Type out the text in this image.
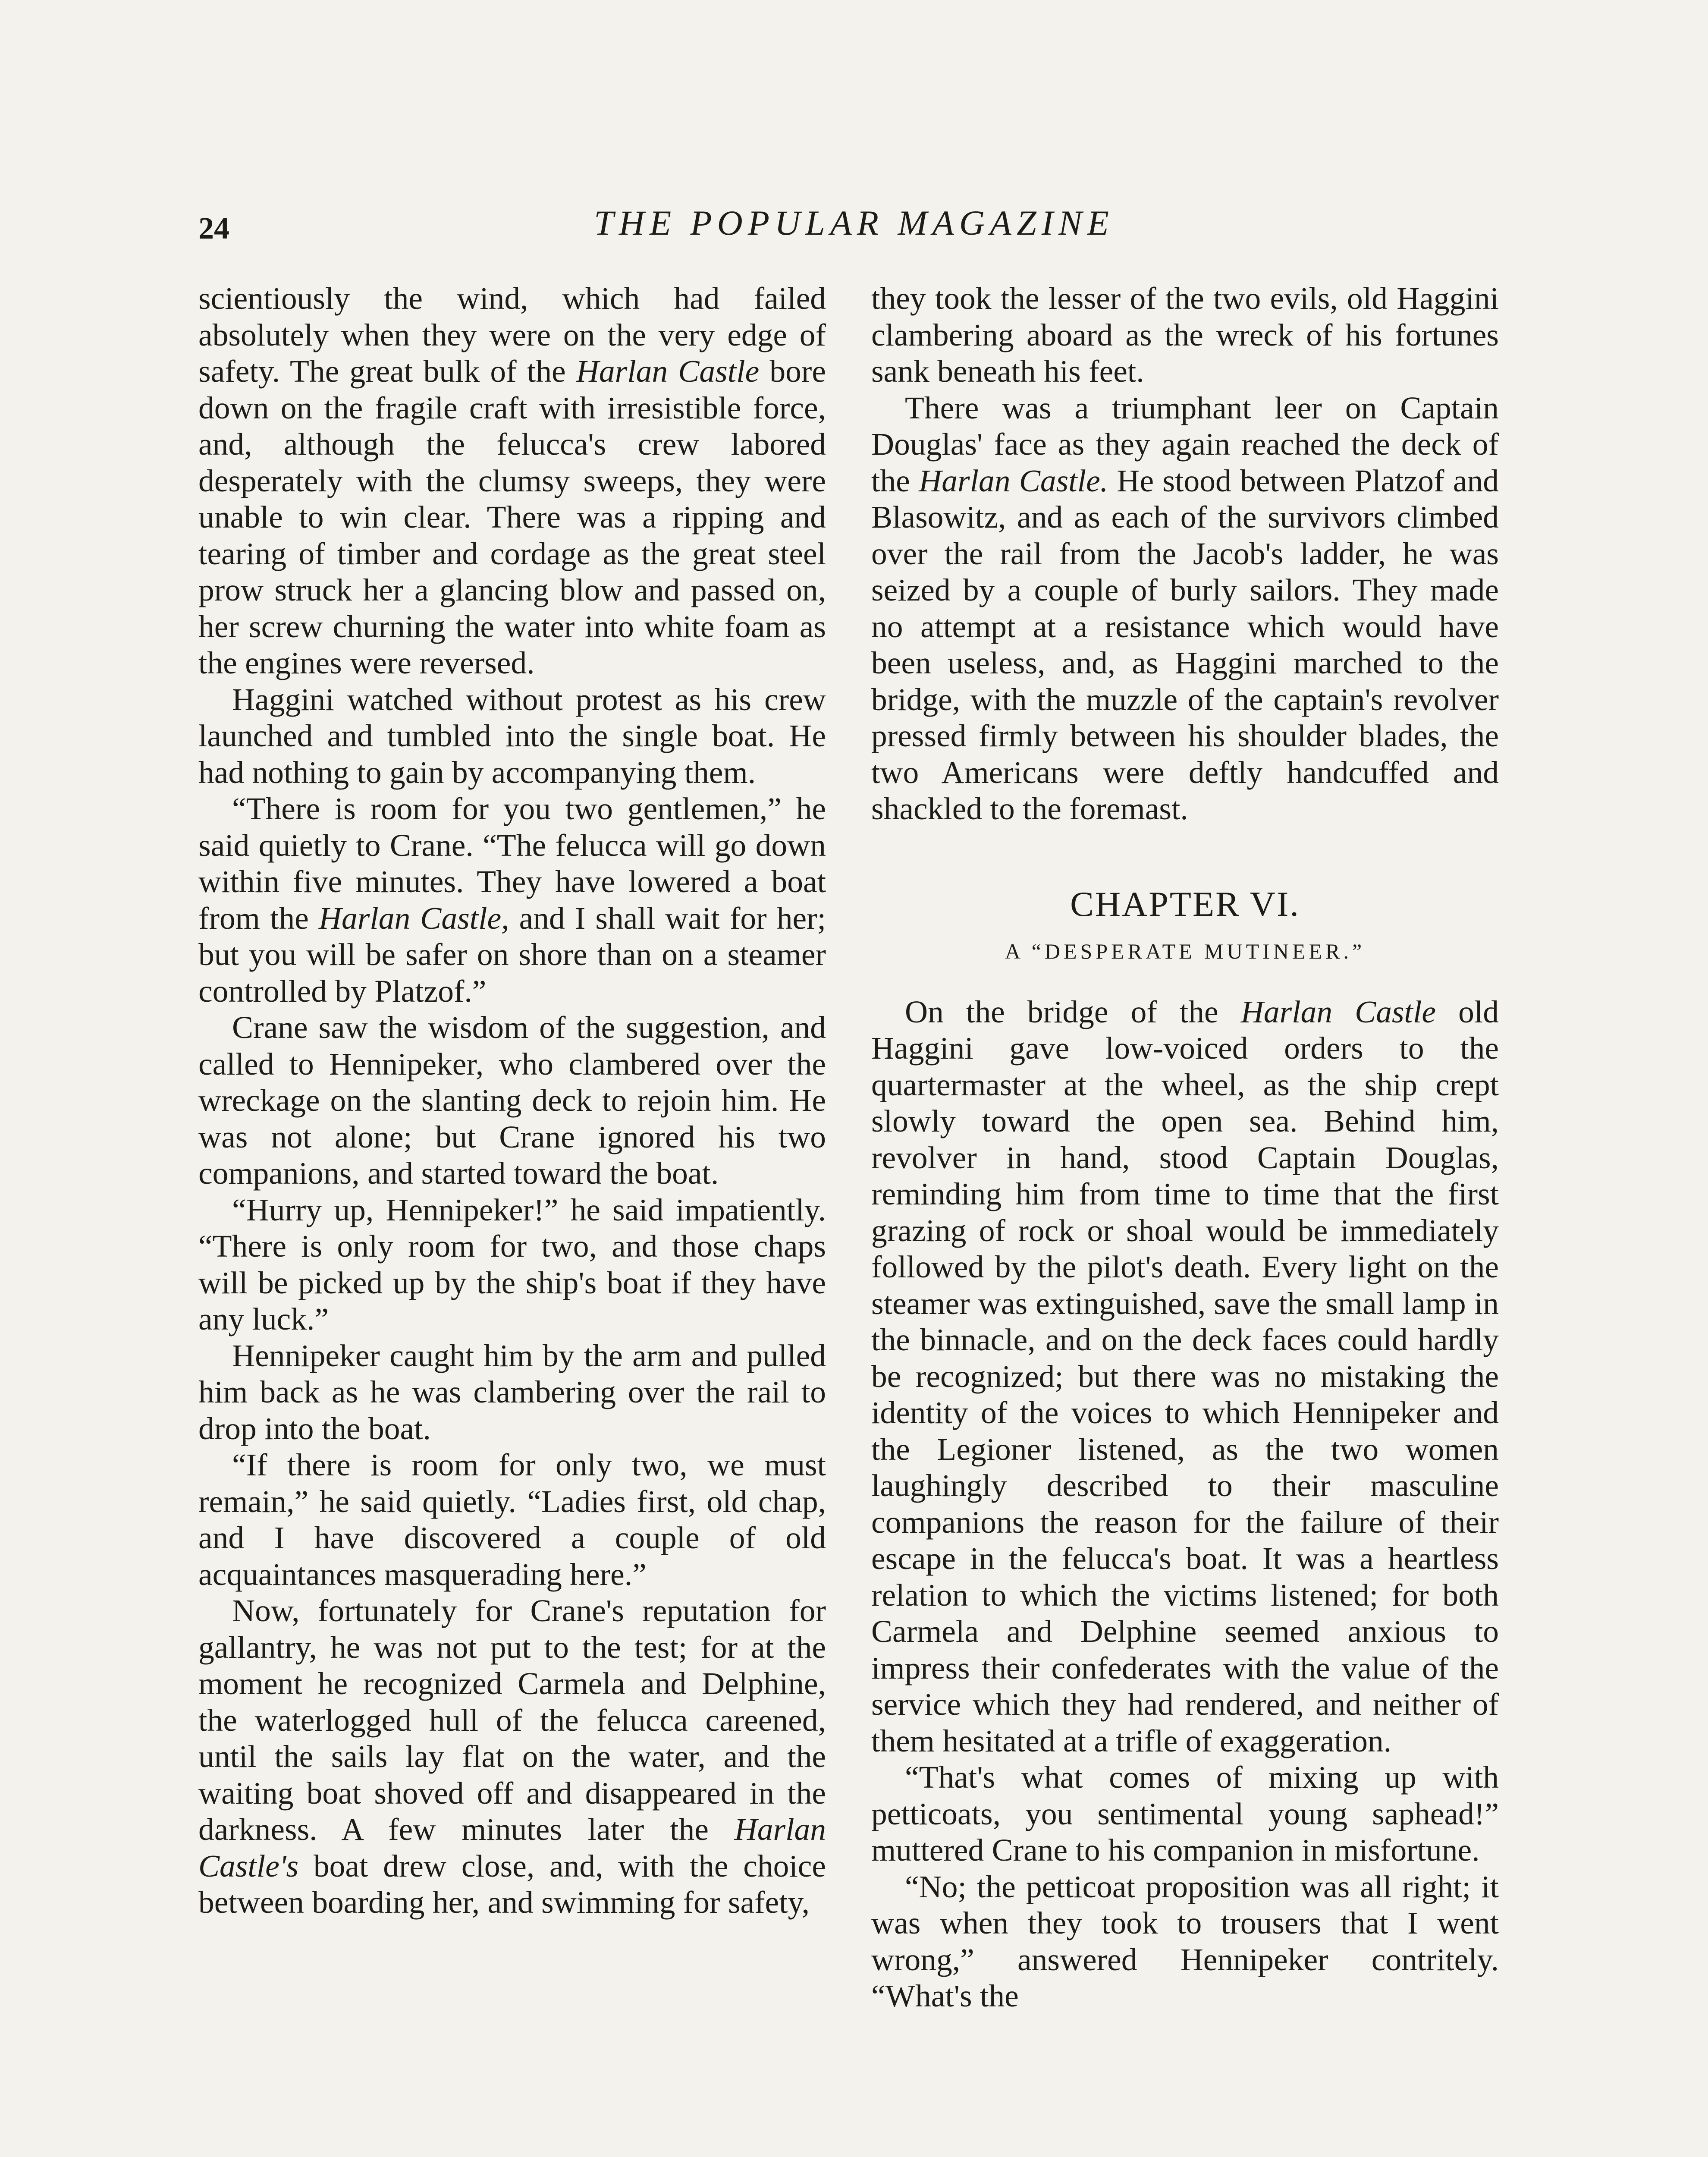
24	THE POPULAR MAGAZINE

scientiously the wind, which had failed absolutely when they were on the very edge of safety. The great bulk of the Harlan Castle bore down on the fragile craft with irresistible force, and, although the felucca's crew labored desperately with the clumsy sweeps, they were unable to win clear. There was a ripping and tearing of timber and cordage as the great steel prow struck her a glancing blow and passed on, her screw churning the water into white foam as the engines were reversed.

Haggini watched without protest as his crew launched and tumbled into the single boat. He had nothing to gain by accompanying them.

“There is room for you two gentlemen,” he said quietly to Crane. “The felucca will go down within five minutes. They have lowered a boat from the Harlan Castle, and I shall wait for her; but you will be safer on shore than on a steamer controlled by Platzof.”

Crane saw the wisdom of the suggestion, and called to Hennipeker, who clambered over the wreckage on the slanting deck to rejoin him. He was not alone; but Crane ignored his two companions, and started toward the boat.

“Hurry up, Hennipeker!” he said impatiently. “There is only room for two, and those chaps will be picked up by the ship's boat if they have any luck.”

Hennipeker caught him by the arm and pulled him back as he was clambering over the rail to drop into the boat.

“If there is room for only two, we must remain,” he said quietly. “Ladies first, old chap, and I have discovered a couple of old acquaintances masquerading here.”

Now, fortunately for Crane's reputation for gallantry, he was not put to the test; for at the moment he recognized Carmela and Delphine, the waterlogged hull of the felucca careened, until the sails lay flat on the water, and the waiting boat shoved off and disappeared in the darkness. A few minutes later the Harlan Castle's boat drew close, and, with the choice between boarding her, and swimming for safety,

they took the lesser of the two evils, old Haggini clambering aboard as the wreck of his fortunes sank beneath his feet.

There was a triumphant leer on Captain Douglas' face as they again reached the deck of the Harlan Castle. He stood between Platzof and Blasowitz, and as each of the survivors climbed over the rail from the Jacob's ladder, he was seized by a couple of burly sailors. They made no attempt at a resistance which would have been useless, and, as Haggini marched to the bridge, with the muzzle of the captain's revolver pressed firmly between his shoulder blades, the two Americans were deftly handcuffed and shackled to the foremast.

CHAPTER VI.
A “DESPERATE MUTINEER.”

On the bridge of the Harlan Castle old Haggini gave low-voiced orders to the quartermaster at the wheel, as the ship crept slowly toward the open sea. Behind him, revolver in hand, stood Captain Douglas, reminding him from time to time that the first grazing of rock or shoal would be immediately followed by the pilot's death. Every light on the steamer was extinguished, save the small lamp in the binnacle, and on the deck faces could hardly be recognized; but there was no mistaking the identity of the voices to which Hennipeker and the Legioner listened, as the two women laughingly described to their masculine companions the reason for the failure of their escape in the felucca's boat. It was a heartless relation to which the victims listened; for both Carmela and Delphine seemed anxious to impress their confederates with the value of the service which they had rendered, and neither of them hesitated at a trifle of exaggeration.

“That's what comes of mixing up with petticoats, you sentimental young saphead!” muttered Crane to his companion in misfortune.

“No; the petticoat proposition was all right; it was when they took to trousers that I went wrong,” answered Hennipeker contritely. “What's the
